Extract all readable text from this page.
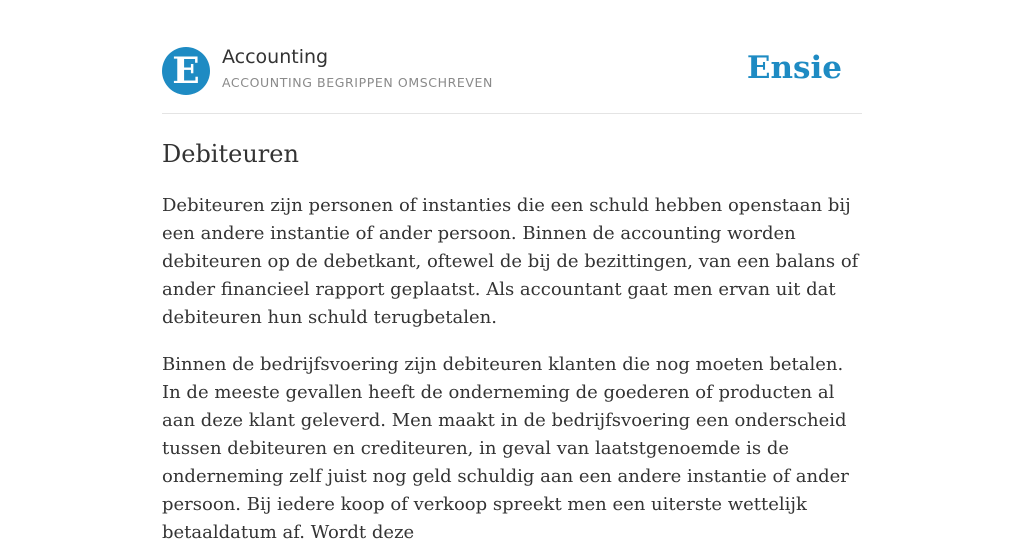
E	Accounting
ACCOUNTING BEGRIPPEN OMSCHREVEN	Ensie
Debiteuren

Debiteuren zijn personen of instanties die een schuld hebben openstaan bij een andere instantie of ander persoon. Binnen de accounting worden debiteuren op de debetkant, oftewel de bij de bezittingen, van een balans of ander financieel rapport geplaatst. Als accountant gaat men ervan uit dat debiteuren hun schuld terugbetalen.

Binnen de bedrijfsvoering zijn debiteuren klanten die nog moeten betalen. In de meeste gevallen heeft de onderneming de goederen of producten al aan deze klant geleverd. Men maakt in de bedrijfsvoering een onderscheid tussen debiteuren en crediteuren, in geval van laatstgenoemde is de onderneming zelf juist nog geld schuldig aan een andere instantie of ander persoon. Bij iedere koop of verkoop spreekt men een uiterste wettelijk betaaldatum af. Wordt deze
